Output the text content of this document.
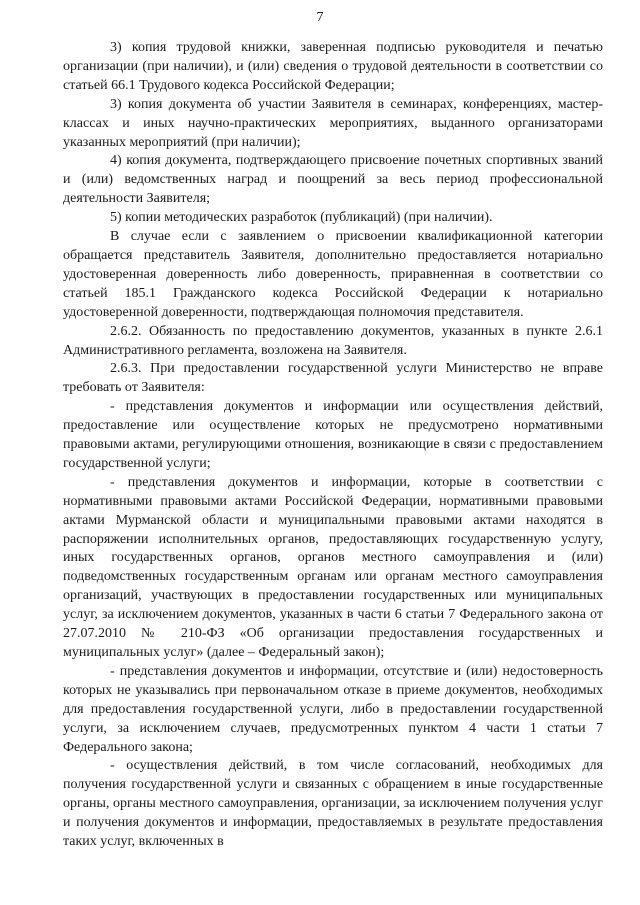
7

3) копия трудовой книжки, заверенная подписью руководителя и печатью организации (при наличии), и (или) сведения о трудовой деятельности в соответствии со статьей 66.1 Трудового кодекса Российской Федерации;

3) копия документа об участии Заявителя в семинарах, конференциях, мастер-классах и иных научно-практических мероприятиях, выданного организаторами указанных мероприятий (при наличии);

4) копия документа, подтверждающего присвоение почетных спортивных званий и (или) ведомственных наград и поощрений за весь период профессиональной деятельности Заявителя;

5) копии методических разработок (публикаций) (при наличии).

В случае если с заявлением о присвоении квалификационной категории обращается представитель Заявителя, дополнительно предоставляется нотариально удостоверенная доверенность либо доверенность, приравненная в соответствии со статьей 185.1 Гражданского кодекса Российской Федерации к нотариально удостоверенной доверенности, подтверждающая полномочия представителя.

2.6.2. Обязанность по предоставлению документов, указанных в пункте 2.6.1 Административного регламента, возложена на Заявителя.

2.6.3. При предоставлении государственной услуги Министерство не вправе требовать от Заявителя:

- представления документов и информации или осуществления действий, предоставление или осуществление которых не предусмотрено нормативными правовыми актами, регулирующими отношения, возникающие в связи с предоставлением государственной услуги;

- представления документов и информации, которые в соответствии с нормативными правовыми актами Российской Федерации, нормативными правовыми актами Мурманской области и муниципальными правовыми актами находятся в распоряжении исполнительных органов, предоставляющих государственную услугу, иных государственных органов, органов местного самоуправления и (или) подведомственных государственным органам или органам местного самоуправления организаций, участвующих в предоставлении государственных или муниципальных услуг, за исключением документов, указанных в части 6 статьи 7 Федерального закона от 27.07.2010 № 210-ФЗ «Об организации предоставления государственных и муниципальных услуг» (далее – Федеральный закон);

- представления документов и информации, отсутствие и (или) недостоверность которых не указывались при первоначальном отказе в приеме документов, необходимых для предоставления государственной услуги, либо в предоставлении государственной услуги, за исключением случаев, предусмотренных пунктом 4 части 1 статьи 7 Федерального закона;

- осуществления действий, в том числе согласований, необходимых для получения государственной услуги и связанных с обращением в иные государственные органы, органы местного самоуправления, организации, за исключением получения услуг и получения документов и информации, предоставляемых в результате предоставления таких услуг, включенных в
